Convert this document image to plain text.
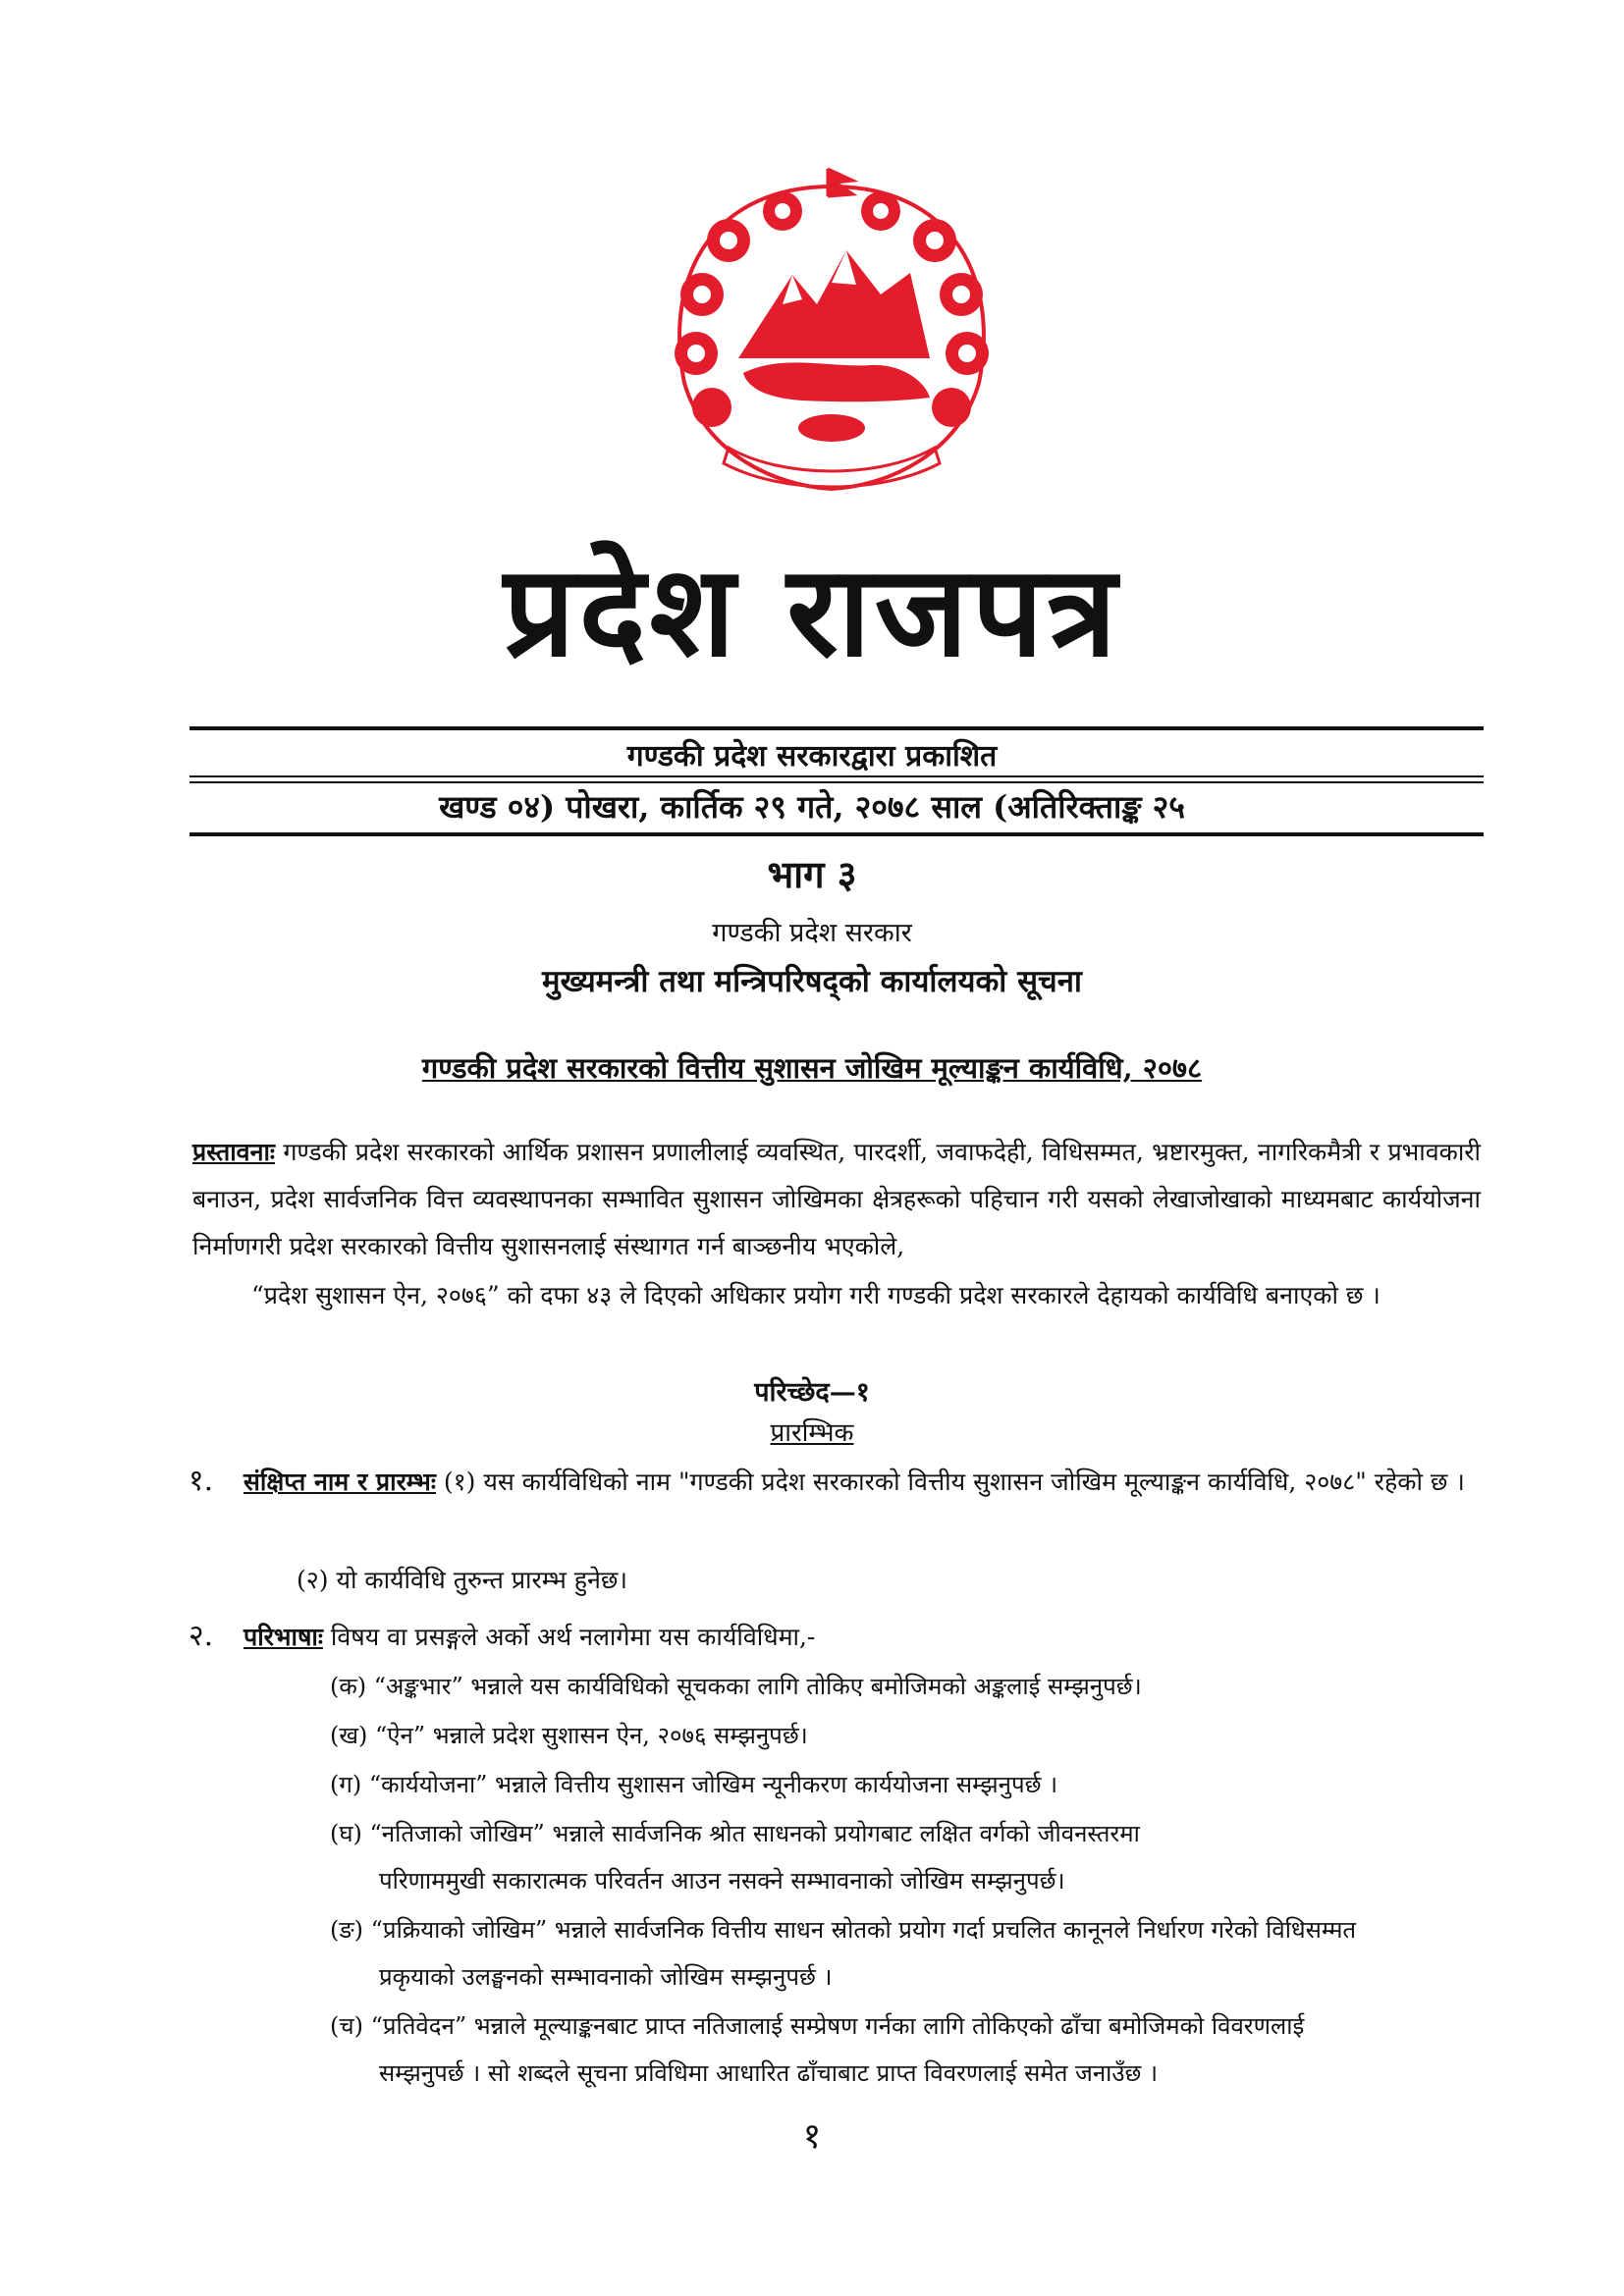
प्रदेश राजपत्र
गण्डकी प्रदेश सरकारद्वारा प्रकाशित
खण्ड ०४) पोखरा, कार्तिक २९ गते, २०७८ साल (अतिरिक्ताङ्क २५
भाग ३
गण्डकी प्रदेश सरकार
मुख्यमन्त्री तथा मन्त्रिपरिषद्को कार्यालयको सूचना
गण्डकी प्रदेश सरकारको वित्तीय सुशासन जोखिम मूल्याङ्कन कार्यविधि, २०७८

प्रस्तावनाः गण्डकी प्रदेश सरकारको आर्थिक प्रशासन प्रणालीलाई व्यवस्थित, पारदर्शी, जवाफदेही, विधिसम्मत, भ्रष्टारमुक्त, नागरिकमैत्री र प्रभावकारी बनाउन, प्रदेश सार्वजनिक वित्त व्यवस्थापनका सम्भावित सुशासन जोखिमका क्षेत्रहरूको पहिचान गरी यसको लेखाजोखाको माध्यमबाट कार्ययोजना निर्माणगरी प्रदेश सरकारको वित्तीय सुशासनलाई संस्थागत गर्न बाञ्छनीय भएकोले,

“प्रदेश सुशासन ऐन, २०७६” को दफा ४३ ले दिएको अधिकार प्रयोग गरी गण्डकी प्रदेश सरकारले देहायको कार्यविधि बनाएको छ ।

परिच्छेद—१
प्रारम्भिक
१. संक्षिप्त नाम र प्रारम्भः (१) यस कार्यविधिको नाम "गण्डकी प्रदेश सरकारको वित्तीय सुशासन जोखिम मूल्याङ्कन कार्यविधि, २०७८" रहेको छ ।

(२) यो कार्यविधि तुरुन्त प्रारम्भ हुनेछ।

२. परिभाषाः विषय वा प्रसङ्गले अर्को अर्थ नलागेमा यस कार्यविधिमा,-

(क) “अङ्कभार” भन्नाले यस कार्यविधिको सूचकका लागि तोकिए बमोजिमको अङ्कलाई सम्झनुपर्छ।

(ख) “ऐन” भन्नाले प्रदेश सुशासन ऐन, २०७६ सम्झनुपर्छ।

(ग) “कार्ययोजना” भन्नाले वित्तीय सुशासन जोखिम न्यूनीकरण कार्ययोजना सम्झनुपर्छ ।

(घ) “नतिजाको जोखिम” भन्नाले सार्वजनिक श्रोत साधनको प्रयोगबाट लक्षित वर्गको जीवनस्तरमा

परिणाममुखी सकारात्मक परिवर्तन आउन नसक्ने सम्भावनाको जोखिम सम्झनुपर्छ।

(ङ) “प्रक्रियाको जोखिम” भन्नाले सार्वजनिक वित्तीय साधन स्रोतको प्रयोग गर्दा प्रचलित कानूनले निर्धारण गरेको विधिसम्मत

प्रकृयाको उलङ्घनको सम्भावनाको जोखिम सम्झनुपर्छ ।

(च) “प्रतिवेदन” भन्नाले मूल्याङ्कनबाट प्राप्त नतिजालाई सम्प्रेषण गर्नका लागि तोकिएको ढाँचा बमोजिमको विवरणलाई

सम्झनुपर्छ । सो शब्दले सूचना प्रविधिमा आधारित ढाँचाबाट प्राप्त विवरणलाई समेत जनाउँछ ।

१
